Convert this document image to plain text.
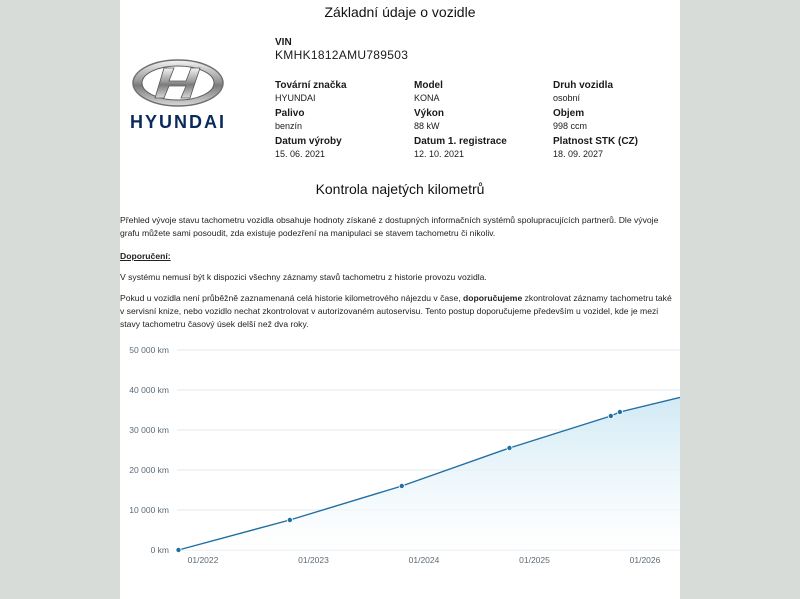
Základní údaje o vozidle
HYUNDAI
VIN
KMHK1812AMU789503
Tovární značka
HYUNDAI
Model
KONA
Druh vozidla
osobní
Palivo
benzín
Výkon
88 kW
Objem
998 ccm
Datum výroby
15. 06. 2021
Datum 1. registrace
12. 10. 2021
Platnost STK (CZ)
18. 09. 2027
Kontrola najetých kilometrů
Přehled vývoje stavu tachometru vozidla obsahuje hodnoty získané z dostupných informačních systémů spolupracujících partnerů. Dle vývoje
grafu můžete sami posoudit, zda existuje podezření na manipulaci se stavem tachometru či nikoliv.
Doporučení:
V systému nemusí být k dispozici všechny záznamy stavů tachometru z historie provozu vozidla.
Pokud u vozidla není průběžně zaznamenaná celá historie kilometrového nájezdu v čase, doporučujeme zkontrolovat záznamy tachometru také
v servisní knize, nebo vozidlo nechat zkontrolovat v autorizovaném autoservisu. Tento postup doporučujeme především u vozidel, kde je mezi
stavy tachometru časový úsek delší než dva roky.
0 km
10 000 km
20 000 km
30 000 km
40 000 km
50 000 km
01/2022	01/2023	01/2024	01/2025	01/2026
